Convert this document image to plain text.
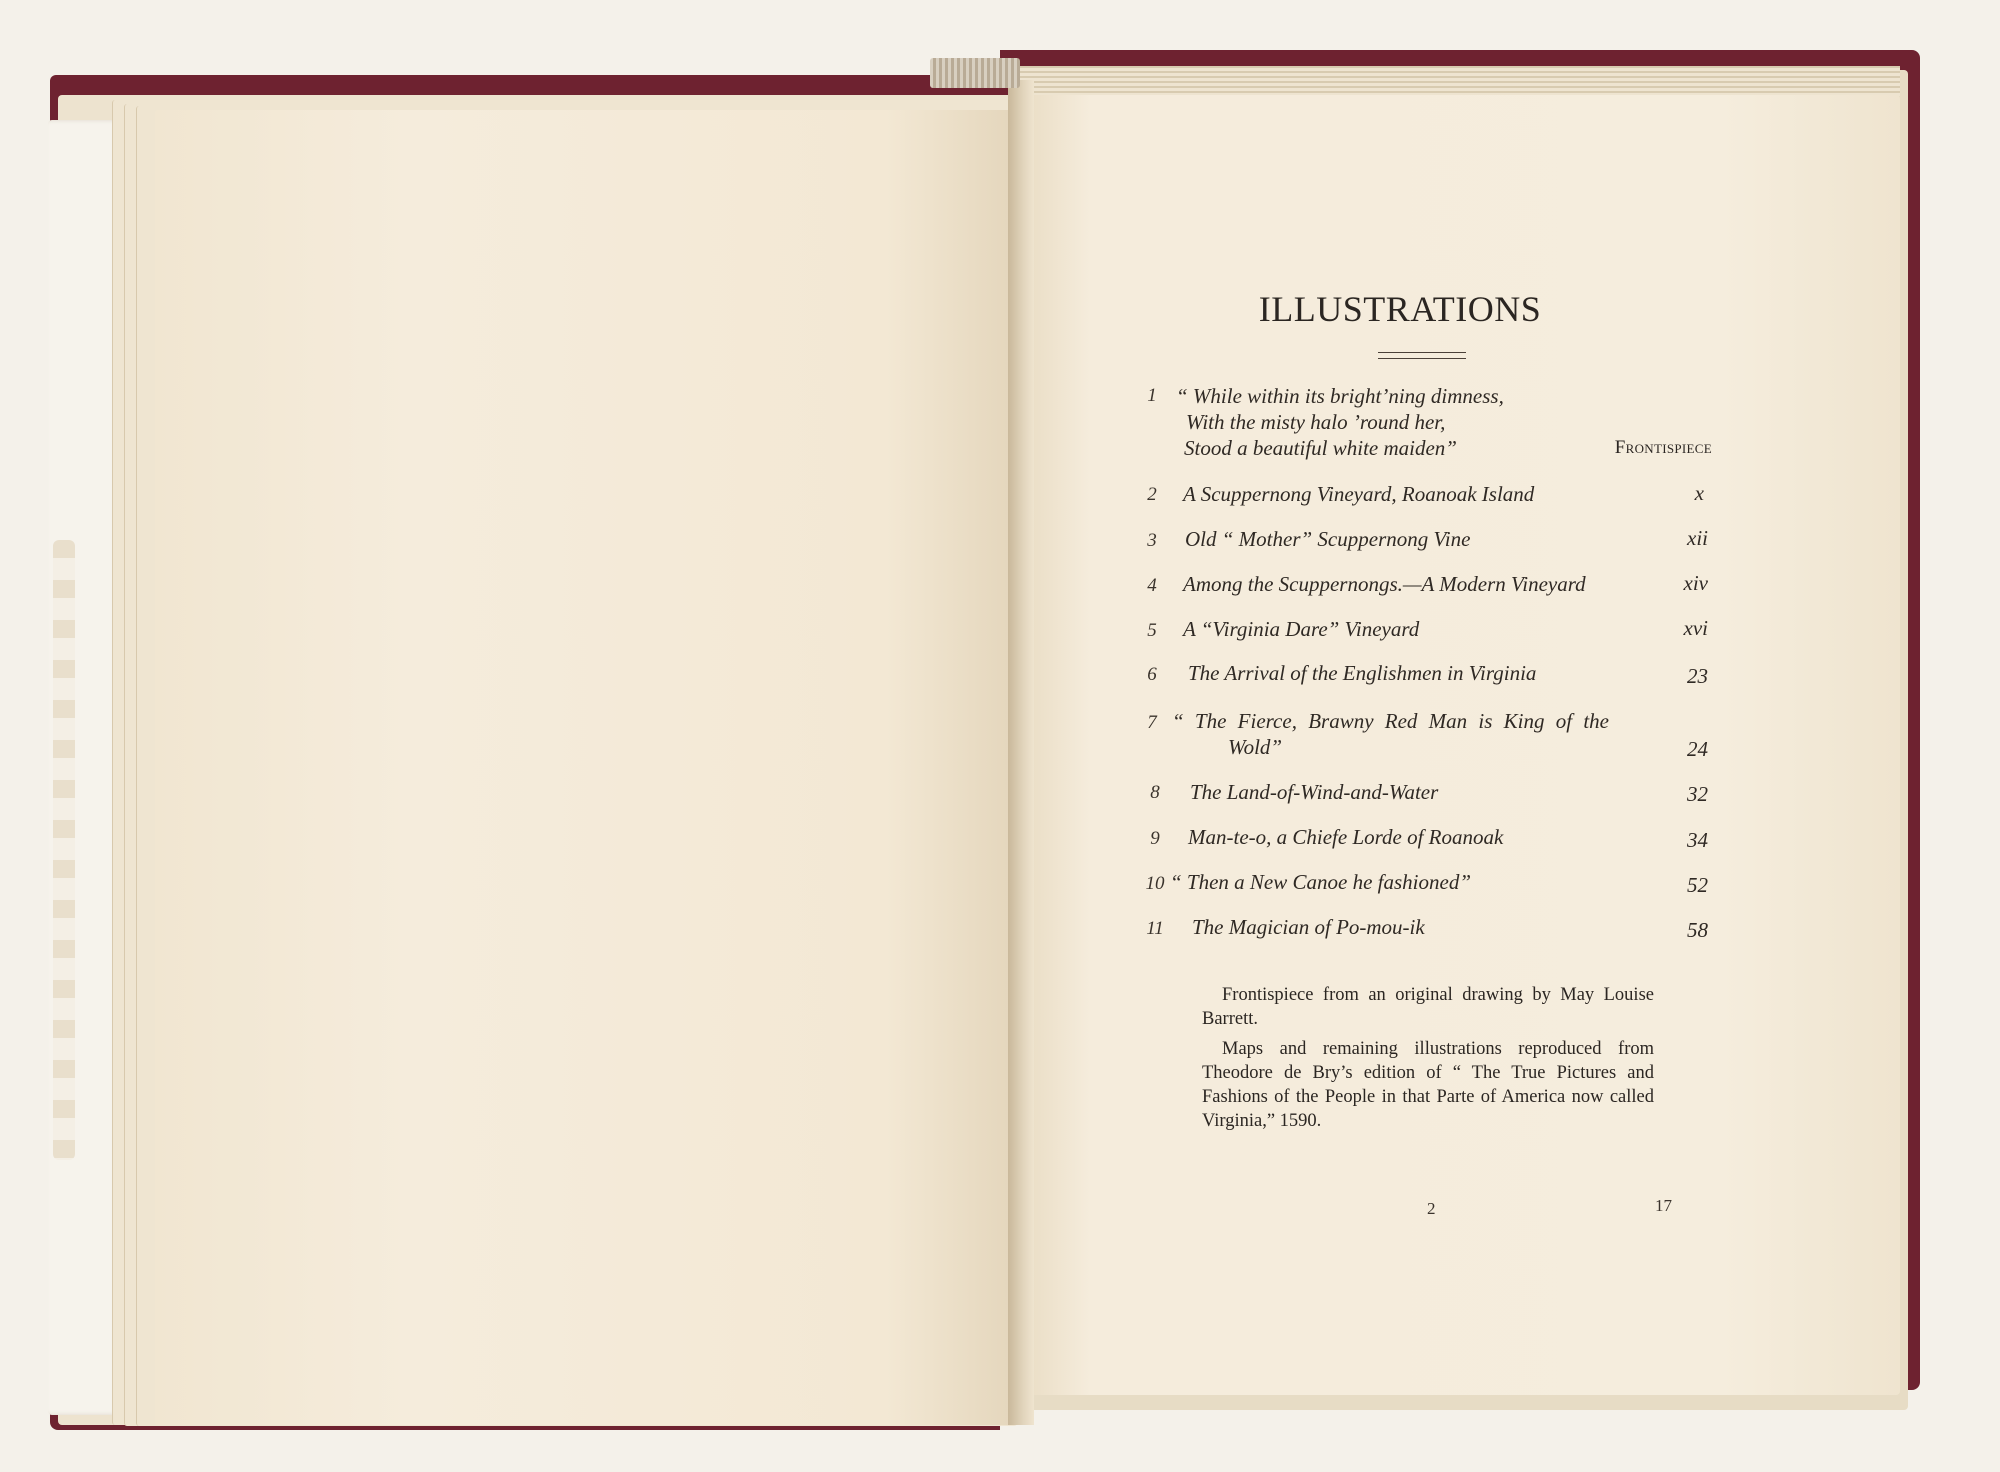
ILLUSTRATIONS
1 “ While within its bright’ning dimness,
With the misty halo ’round her,
Stood a beautiful white maiden”	Frontispiece
2	A Scuppernong Vineyard, Roanoak Island	x
3	Old “ Mother” Scuppernong Vine	xii
4	Among the Scuppernongs.—A Modern Vineyard	xiv
5	A “Virginia Dare” Vineyard	xvi
6	The Arrival of the Englishmen in Virginia	23
7 “ The Fierce, Brawny Red Man is King of the
Wold”	24
8	The Land-of-Wind-and-Water	32
9	Man-te-o, a Chiefe Lorde of Roanoak	34
10 “ Then a New Canoe he fashioned”	52
11	The Magician of Po-mou-ik	58

Frontispiece from an original drawing by May Louise Barrett.

Maps and remaining illustrations reproduced from Theodore de Bry’s edition of “ The True Pictures and Fashions of the People in that Parte of America now called Virginia,” 1590.

2	17
